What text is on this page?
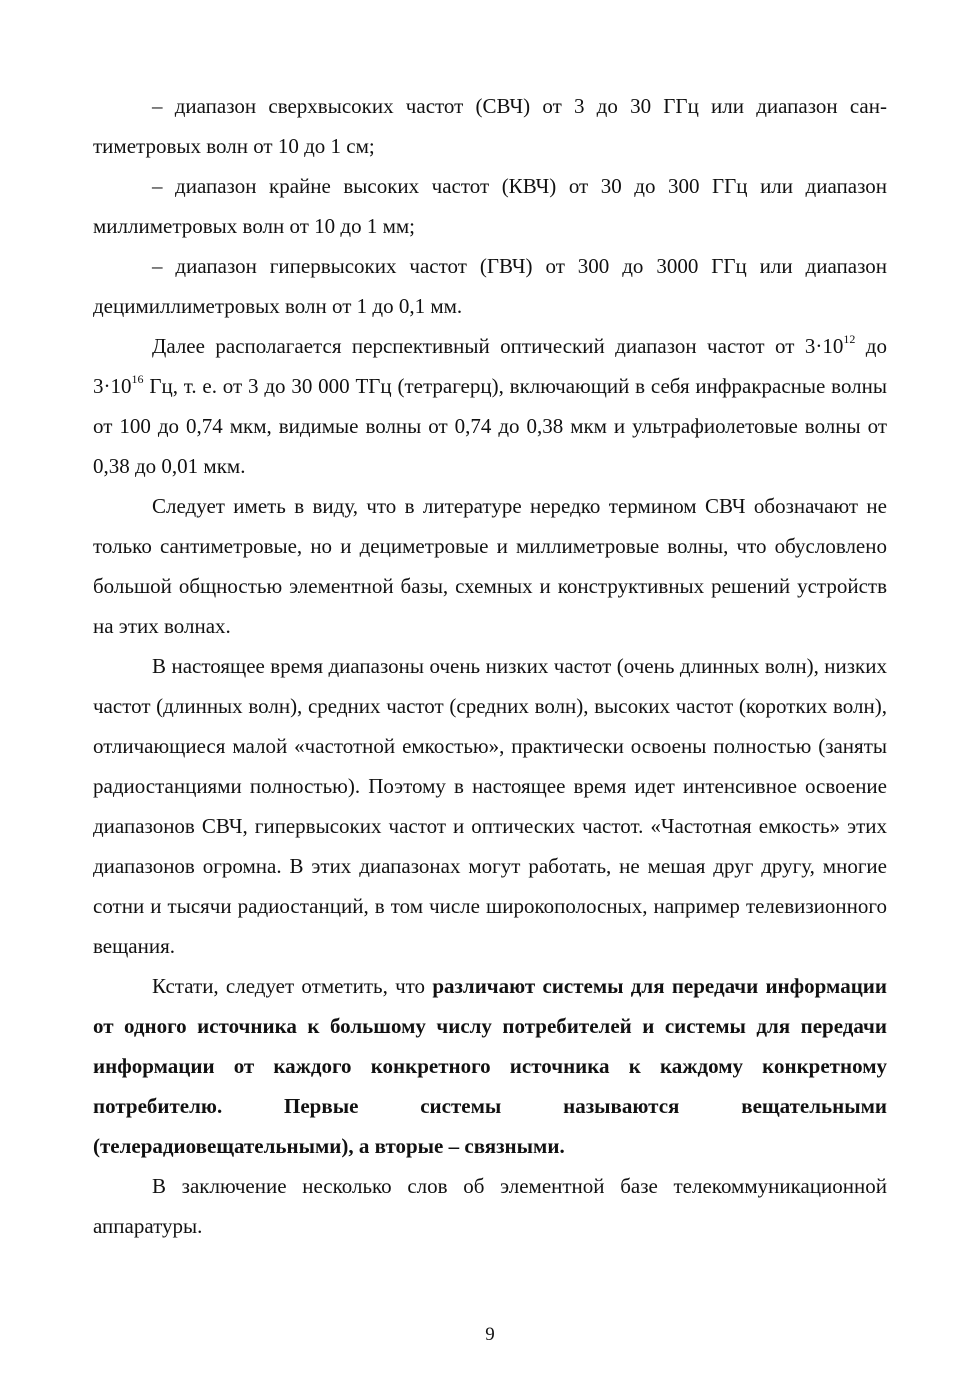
– диапазон сверхвысоких частот (СВЧ) от 3 до 30 ГГц или диапазон сантиметровых волн от 10 до 1 см;

– диапазон крайне высоких частот (КВЧ) от 30 до 300 ГГц или диапазон миллиметровых волн от 10 до 1 мм;

– диапазон гипервысоких частот (ГВЧ) от 300 до 3000 ГГц или диапазон децимиллиметровых волн от 1 до 0,1 мм.

Далее располагается перспективный оптический диапазон частот от $3\cdot 10^{12}$ до $3\cdot 10^{16}$ Гц, т. е. от 3 до 30 000 ТГц (тетрагерц), включающий в себя инфракрасные волны от 100 до 0,74 мкм, видимые волны от 0,74 до 0,38 мкм и ультрафиолетовые волны от 0,38 до 0,01 мкм.

Следует иметь в виду, что в литературе нередко термином СВЧ обозначают не только сантиметровые, но и дециметровые и миллиметровые волны, что обусловлено большой общностью элементной базы, схемных и конструктивных решений устройств на этих волнах.

В настоящее время диапазоны очень низких частот (очень длинных волн), низких частот (длинных волн), средних частот (средних волн), высоких частот (коротких волн), отличающиеся малой «частотной емкостью», практически освоены полностью (заняты радиостанциями полностью). Поэтому в настоящее время идет интенсивное освоение диапазонов СВЧ, гипервысоких частот и оптических частот. «Частотная емкость» этих диапазонов огромна. В этих диапазонах могут работать, не мешая друг другу, многие сотни и тысячи радиостанций, в том числе широкополосных, например телевизионного вещания.

Кстати, следует отметить, что различают системы для передачи информации от одного источника к большому числу потребителей и системы для передачи информации от каждого конкретного источника к каждому конкретному потребителю. Первые системы называются вещательными (телерадиовещательными), а вторые – связными.

В заключение несколько слов об элементной базе телекоммуникационной аппаратуры.

9
